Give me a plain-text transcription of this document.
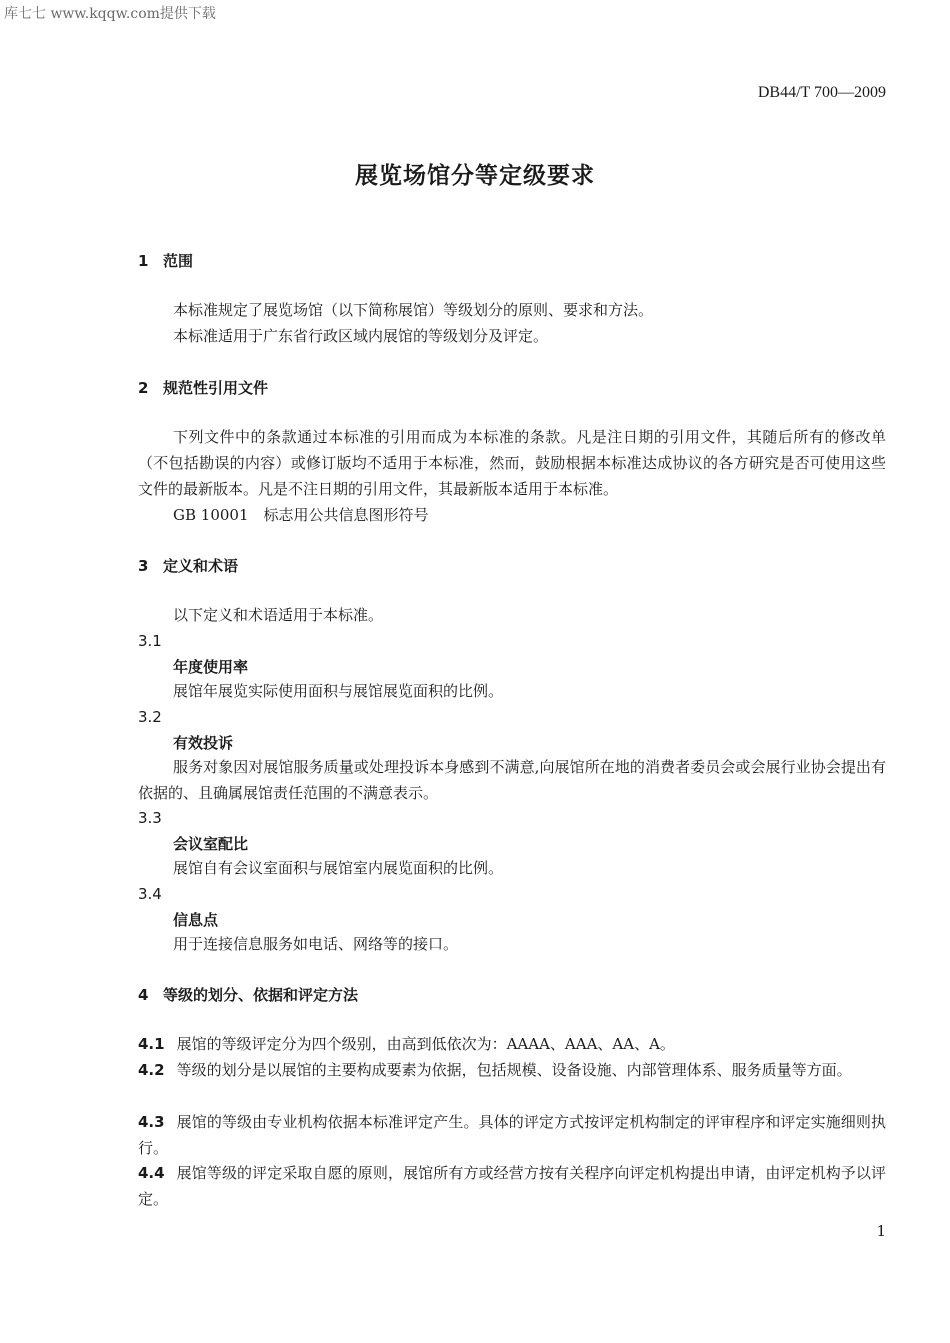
库七七 www.kqqw.com提供下载
DB44/T 700—2009
展览场馆分等定级要求
1 范围
本标准规定了展览场馆（以下简称展馆）等级划分的原则、要求和方法。
本标准适用于广东省行政区域内展馆的等级划分及评定。
2 规范性引用文件
下列文件中的条款通过本标准的引用而成为本标准的条款。凡是注日期的引用文件，其随后所有的修改单（不包括勘误的内容）或修订版均不适用于本标准，然而，鼓励根据本标准达成协议的各方研究是否可使用这些文件的最新版本。凡是不注日期的引用文件，其最新版本适用于本标准。
GB 10001　标志用公共信息图形符号
3 定义和术语
以下定义和术语适用于本标准。
3.1
年度使用率
展馆年展览实际使用面积与展馆展览面积的比例。
3.2
有效投诉
服务对象因对展馆服务质量或处理投诉本身感到不满意,向展馆所在地的消费者委员会或会展行业协会提出有依据的、且确属展馆责任范围的不满意表示。
3.3
会议室配比
展馆自有会议室面积与展馆室内展览面积的比例。
3.4
信息点
用于连接信息服务如电话、网络等的接口。
4 等级的划分、依据和评定方法
4.1 展馆的等级评定分为四个级别，由高到低依次为：AAAA、AAA、AA、A。
4.2 等级的划分是以展馆的主要构成要素为依据，包括规模、设备设施、内部管理体系、服务质量等方面。
4.3 展馆的等级由专业机构依据本标准评定产生。具体的评定方式按评定机构制定的评审程序和评定实施细则执行。
4.4 展馆等级的评定采取自愿的原则，展馆所有方或经营方按有关程序向评定机构提出申请，由评定机构予以评定。
1
